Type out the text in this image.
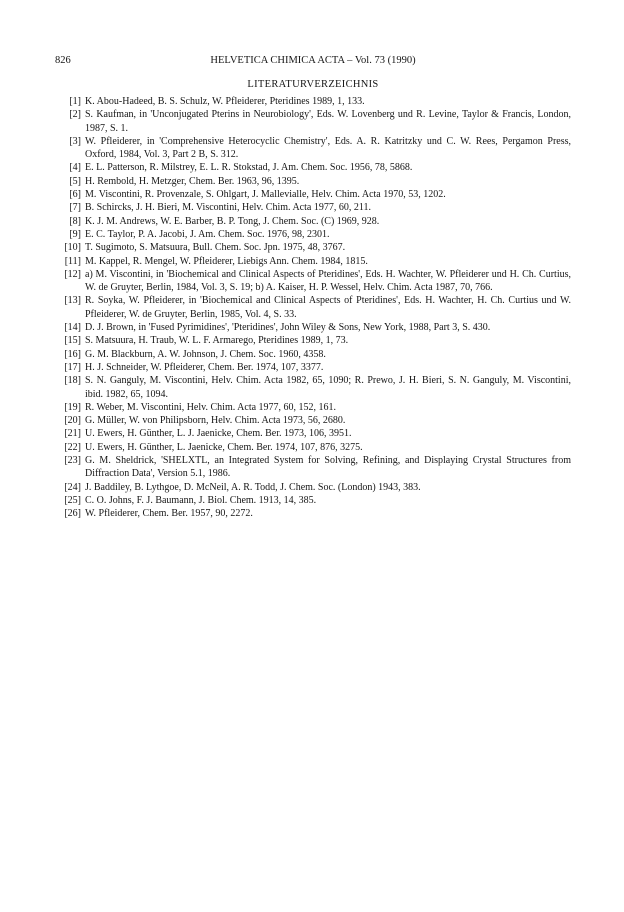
826	HELVETICA CHIMICA ACTA – Vol. 73 (1990)
LITERATURVERZEICHNIS
[1] K. Abou-Hadeed, B. S. Schulz, W. Pfleiderer, Pteridines 1989, 1, 133.
[2] S. Kaufman, in 'Unconjugated Pterins in Neurobiology', Eds. W. Lovenberg und R. Levine, Taylor & Francis, London, 1987, S. 1.
[3] W. Pfleiderer, in 'Comprehensive Heterocyclic Chemistry', Eds. A. R. Katritzky und C. W. Rees, Pergamon Press, Oxford, 1984, Vol. 3, Part 2 B, S. 312.
[4] E. L. Patterson, R. Milstrey, E. L. R. Stokstad, J. Am. Chem. Soc. 1956, 78, 5868.
[5] H. Rembold, H. Metzger, Chem. Ber. 1963, 96, 1395.
[6] M. Viscontini, R. Provenzale, S. Ohlgart, J. Mallevialle, Helv. Chim. Acta 1970, 53, 1202.
[7] B. Schircks, J. H. Bieri, M. Viscontini, Helv. Chim. Acta 1977, 60, 211.
[8] K. J. M. Andrews, W. E. Barber, B. P. Tong, J. Chem. Soc. (C) 1969, 928.
[9] E. C. Taylor, P. A. Jacobi, J. Am. Chem. Soc. 1976, 98, 2301.
[10] T. Sugimoto, S. Matsuura, Bull. Chem. Soc. Jpn. 1975, 48, 3767.
[11] M. Kappel, R. Mengel, W. Pfleiderer, Liebigs Ann. Chem. 1984, 1815.
[12] a) M. Viscontini, in 'Biochemical and Clinical Aspects of Pteridines', Eds. H. Wachter, W. Pfleiderer und H. Ch. Curtius, W. de Gruyter, Berlin, 1984, Vol. 3, S. 19; b) A. Kaiser, H. P. Wessel, Helv. Chim. Acta 1987, 70, 766.
[13] R. Soyka, W. Pfleiderer, in 'Biochemical and Clinical Aspects of Pteridines', Eds. H. Wachter, H. Ch. Curtius und W. Pfleiderer, W. de Gruyter, Berlin, 1985, Vol. 4, S. 33.
[14] D. J. Brown, in 'Fused Pyrimidines', 'Pteridines', John Wiley & Sons, New York, 1988, Part 3, S. 430.
[15] S. Matsuura, H. Traub, W. L. F. Armarego, Pteridines 1989, 1, 73.
[16] G. M. Blackburn, A. W. Johnson, J. Chem. Soc. 1960, 4358.
[17] H. J. Schneider, W. Pfleiderer, Chem. Ber. 1974, 107, 3377.
[18] S. N. Ganguly, M. Viscontini, Helv. Chim. Acta 1982, 65, 1090; R. Prewo, J. H. Bieri, S. N. Ganguly, M. Viscontini, ibid. 1982, 65, 1094.
[19] R. Weber, M. Viscontini, Helv. Chim. Acta 1977, 60, 152, 161.
[20] G. Müller, W. von Philipsborn, Helv. Chim. Acta 1973, 56, 2680.
[21] U. Ewers, H. Günther, L. J. Jaenicke, Chem. Ber. 1973, 106, 3951.
[22] U. Ewers, H. Günther, L. Jaenicke, Chem. Ber. 1974, 107, 876, 3275.
[23] G. M. Sheldrick, 'SHELXTL, an Integrated System for Solving, Refining, and Displaying Crystal Structures from Diffraction Data', Version 5.1, 1986.
[24] J. Baddiley, B. Lythgoe, D. McNeil, A. R. Todd, J. Chem. Soc. (London) 1943, 383.
[25] C. O. Johns, F. J. Baumann, J. Biol. Chem. 1913, 14, 385.
[26] W. Pfleiderer, Chem. Ber. 1957, 90, 2272.
